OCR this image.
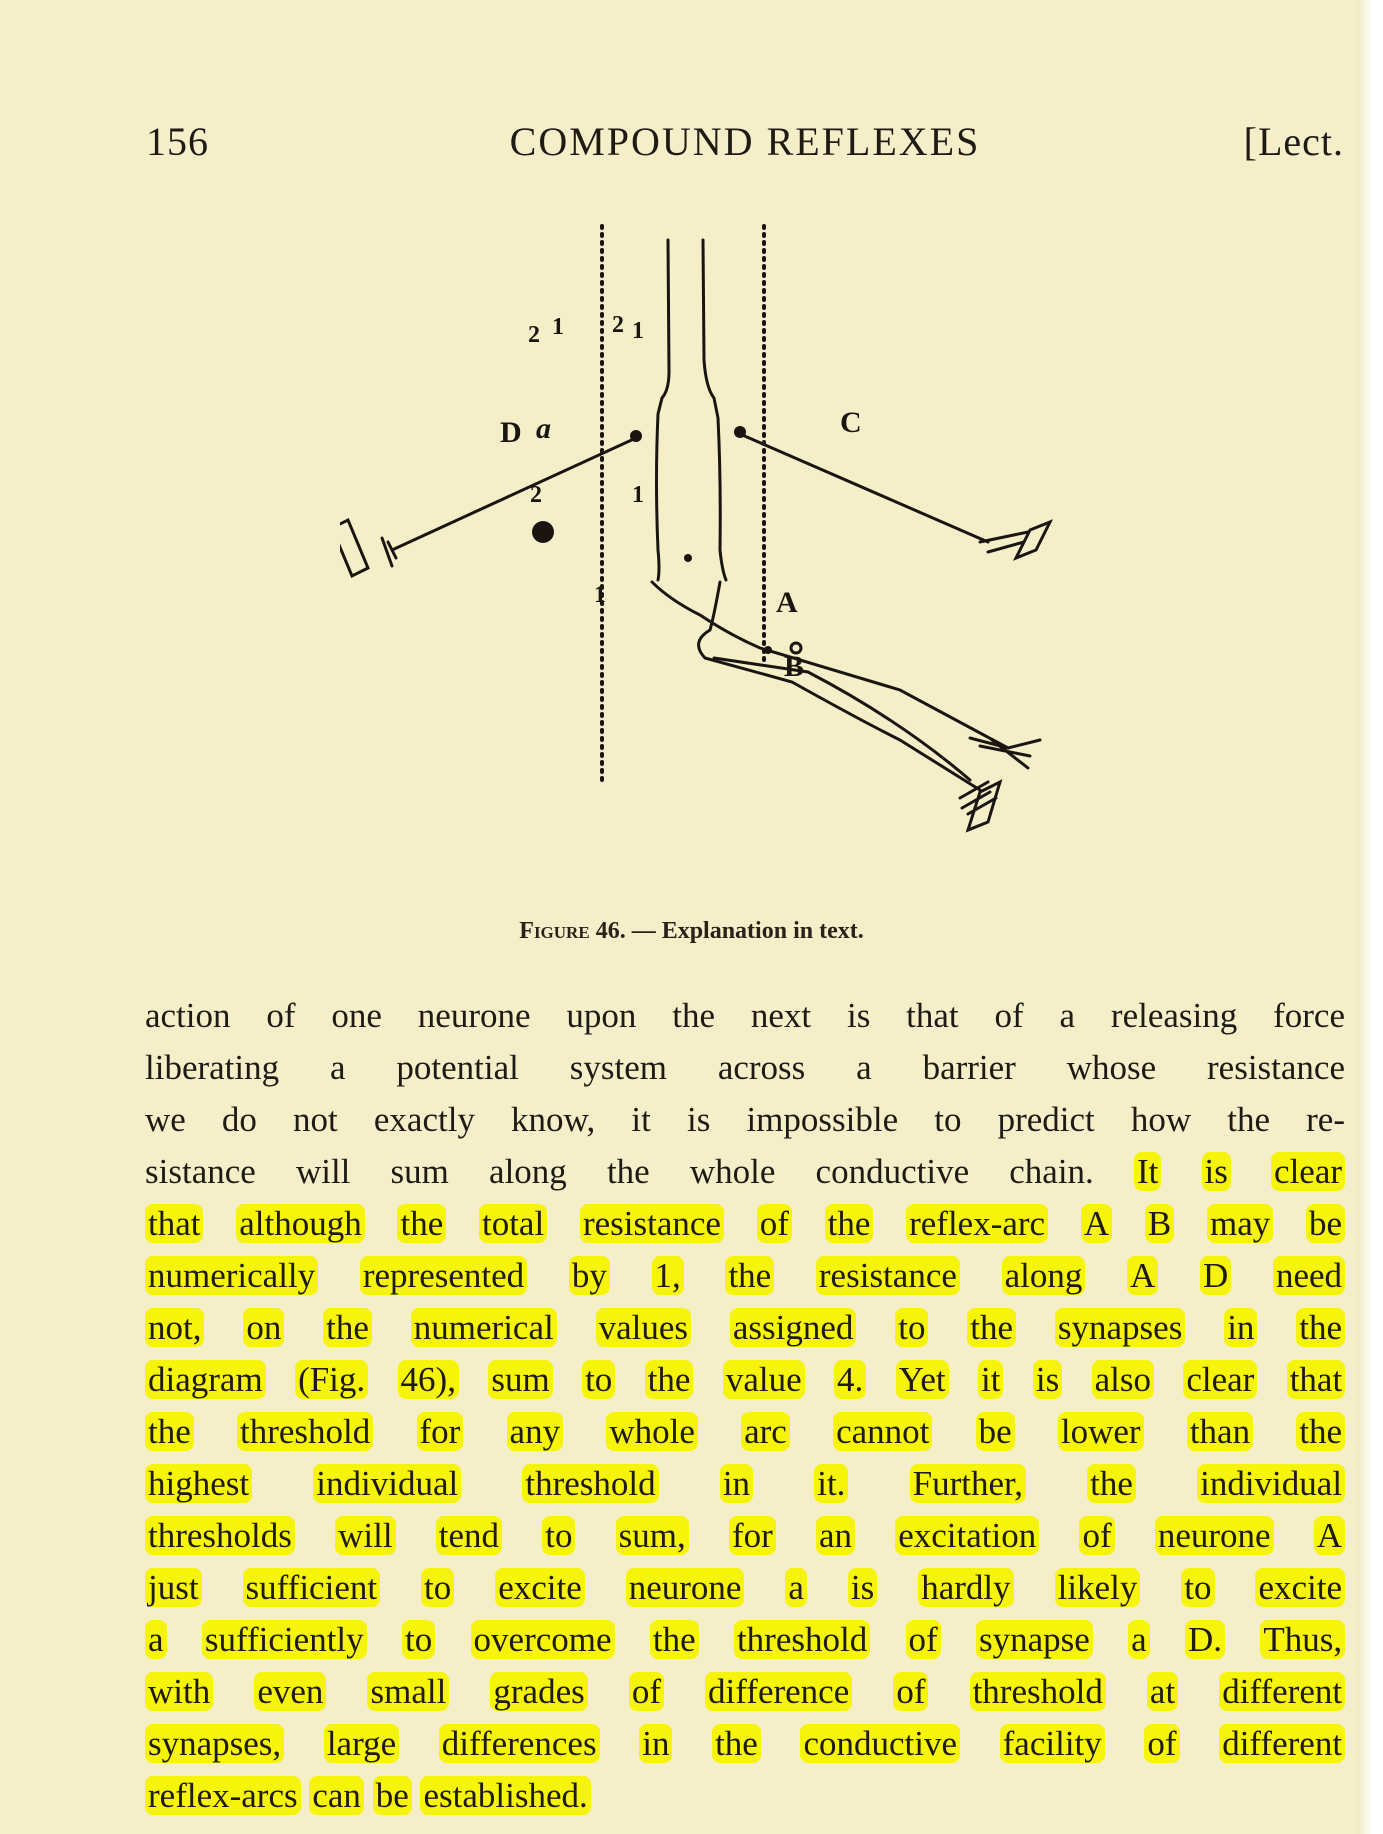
156	COMPOUND REFLEXES	[Lect.
D a	C
A
B
2 1 2 1
2	1
1
Figure 46. — Explanation in text.
action of one neurone upon the next is that of a releasing force
liberating a potential system across a barrier whose resistance
we do not exactly know, it is impossible to predict how the re-
sistance will sum along the whole conductive chain. It is clear
that although the total resistance of the reflex-arc A B may be
numerically represented by 1, the resistance along A D need
not, on the numerical values assigned to the synapses in the
diagram (Fig. 46), sum to the value 4. Yet it is also clear that
the threshold for any whole arc cannot be lower than the
highest individual threshold in it. Further, the individual
thresholds will tend to sum, for an excitation of neurone A
just sufficient to excite neurone a is hardly likely to excite
a sufficiently to overcome the threshold of synapse a D. Thus,
with even small grades of difference of threshold at different
synapses, large differences in the conductive facility of different
reflex-arcs can be established.
